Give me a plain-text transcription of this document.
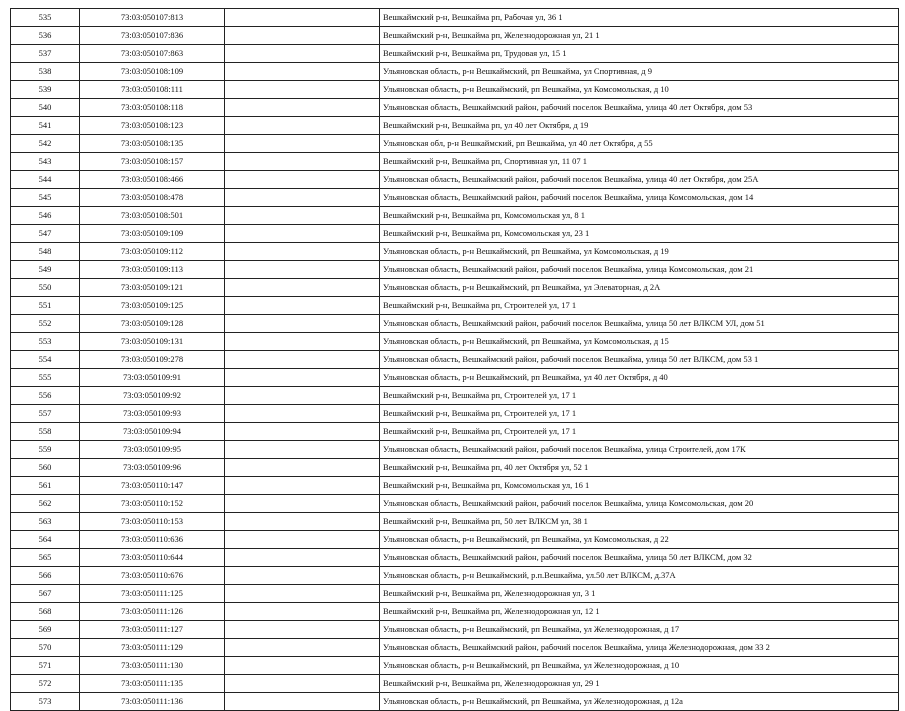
535	73:03:050107:813		Вешкаймский р-н, Вешкайма рп, Рабочая ул, 36 1
536	73:03:050107:836		Вешкаймский р-н, Вешкайма рп, Железнодорожная ул, 21 1
537	73:03:050107:863		Вешкаймский р-н, Вешкайма рп, Трудовая ул, 15 1
538	73:03:050108:109		Ульяновская область, р-н Вешкаймский, рп Вешкайма, ул Спортивная, д 9
539	73:03:050108:111		Ульяновская область, р-н Вешкаймский, рп Вешкайма, ул Комсомольская, д 10
540	73:03:050108:118		Ульяновская область, Вешкаймский район, рабочий поселок Вешкайма, улица 40 лет Октября, дом 53
541	73:03:050108:123		Вешкаймский р-н, Вешкайма рп, ул 40 лет Октября, д 19
542	73:03:050108:135		Ульяновская обл, р-н Вешкаймский, рп Вешкайма, ул 40 лет Октября, д 55
543	73:03:050108:157		Вешкаймский р-н, Вешкайма рп, Спортивная ул, 11 07 1
544	73:03:050108:466		Ульяновская область, Вешкаймский район, рабочий поселок Вешкайма, улица 40 лет Октября, дом 25А
545	73:03:050108:478		Ульяновская область, Вешкаймский район, рабочий поселок Вешкайма, улица Комсомольская, дом 14
546	73:03:050108:501		Вешкаймский р-н, Вешкайма рп, Комсомольская ул, 8 1
547	73:03:050109:109		Вешкаймский р-н, Вешкайма рп, Комсомольская ул, 23 1
548	73:03:050109:112		Ульяновская область, р-н Вешкаймский, рп Вешкайма, ул Комсомольская, д 19
549	73:03:050109:113		Ульяновская область, Вешкаймский район, рабочий поселок Вешкайма, улица Комсомольская, дом 21
550	73:03:050109:121		Ульяновская область, р-н Вешкаймский, рп Вешкайма, ул Элеваторная, д 2А
551	73:03:050109:125		Вешкаймский р-н, Вешкайма рп, Строителей ул, 17 1
552	73:03:050109:128		Ульяновская область, Вешкаймский район, рабочий поселок Вешкайма, улица 50 лет ВЛКСМ УЛ, дом 51
553	73:03:050109:131		Ульяновская область, р-н Вешкаймский, рп Вешкайма, ул Комсомольская, д 15
554	73:03:050109:278		Ульяновская область, Вешкаймский район, рабочий поселок Вешкайма, улица 50 лет ВЛКСМ, дом 53 1
555	73:03:050109:91		Ульяновская область, р-н Вешкаймский, рп Вешкайма, ул 40 лет Октября, д 40
556	73:03:050109:92		Вешкаймский р-н, Вешкайма рп, Строителей ул, 17 1
557	73:03:050109:93		Вешкаймский р-н, Вешкайма рп, Строителей ул, 17 1
558	73:03:050109:94		Вешкаймский р-н, Вешкайма рп, Строителей ул, 17 1
559	73:03:050109:95		Ульяновская область, Вешкаймский район, рабочий поселок Вешкайма, улица Строителей, дом 17К
560	73:03:050109:96		Вешкаймский р-н, Вешкайма рп, 40 лет Октября ул, 52 1
561	73:03:050110:147		Вешкаймский р-н, Вешкайма рп, Комсомольская ул, 16 1
562	73:03:050110:152		Ульяновская область, Вешкаймский район, рабочий поселок Вешкайма, улица Комсомольская, дом 20
563	73:03:050110:153		Вешкаймский р-н, Вешкайма рп, 50 лет ВЛКСМ ул, 38 1
564	73:03:050110:636		Ульяновская область, р-н Вешкаймский, рп Вешкайма, ул Комсомольская, д 22
565	73:03:050110:644		Ульяновская область, Вешкаймский район, рабочий поселок Вешкайма, улица 50 лет ВЛКСМ, дом 32
566	73:03:050110:676		Ульяновская область, р-н Вешкаймский, р.п.Вешкайма, ул.50 лет ВЛКСМ, д.37А
567	73:03:050111:125		Вешкаймский р-н, Вешкайма рп, Железнодорожная ул, 3 1
568	73:03:050111:126		Вешкаймский р-н, Вешкайма рп, Железнодорожная ул, 12 1
569	73:03:050111:127		Ульяновская область, р-н Вешкаймский, рп Вешкайма, ул Железнодорожная, д 17
570	73:03:050111:129		Ульяновская область, Вешкаймский район, рабочий поселок Вешкайма, улица Железнодорожная, дом 33 2
571	73:03:050111:130		Ульяновская область, р-н Вешкаймский, рп Вешкайма, ул Железнодорожная, д 10
572	73:03:050111:135		Вешкаймский р-н, Вешкайма рп, Железнодорожная ул, 29 1
573	73:03:050111:136		Ульяновская область, р-н Вешкаймский, рп Вешкайма, ул Железнодорожная, д 12а
